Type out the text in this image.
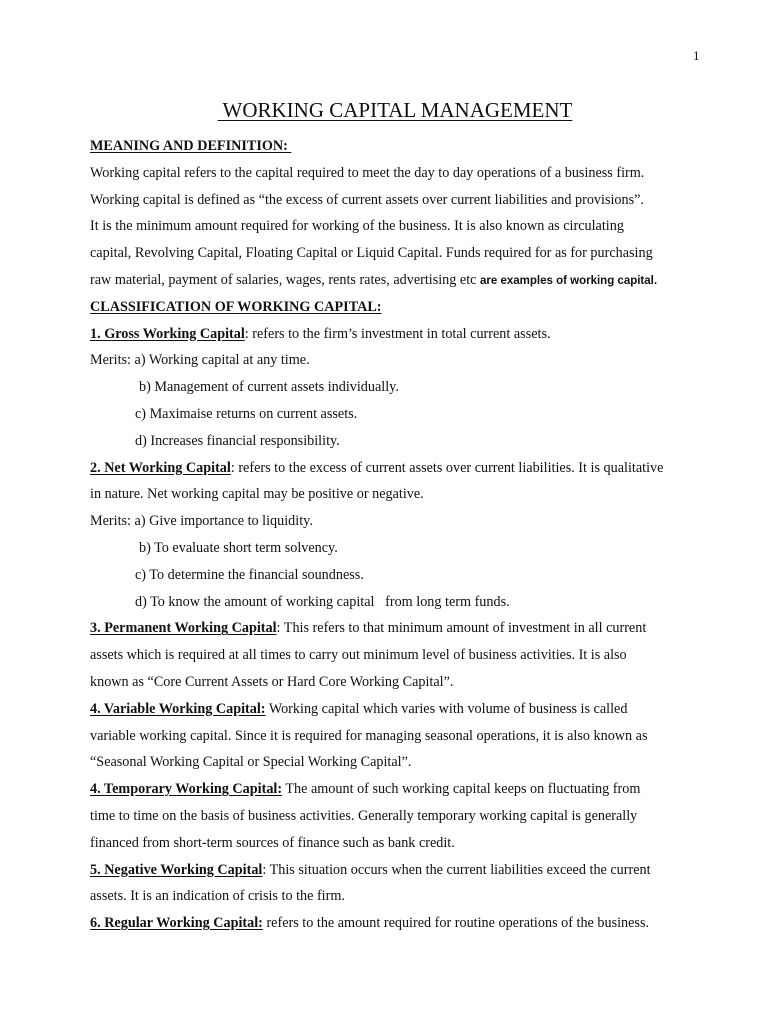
1
WORKING CAPITAL MANAGEMENT
MEANING AND DEFINITION:
Working capital refers to the capital required to meet the day to day operations of a business firm.
Working capital is defined as “the excess of current assets over current liabilities and provisions”.
It is the minimum amount required for working of the business. It is also known as circulating
capital, Revolving Capital, Floating Capital or Liquid Capital. Funds required for as for purchasing
raw material, payment of salaries, wages, rents rates, advertising etc are examples of working capital.
CLASSIFICATION OF WORKING CAPITAL:
1. Gross Working Capital: refers to the firm’s investment in total current assets.
Merits: a) Working capital at any time.
b) Management of current assets individually.
c) Maximaise returns on current assets.
d) Increases financial responsibility.
2. Net Working Capital: refers to the excess of current assets over current liabilities. It is qualitative
in nature. Net working capital may be positive or negative.
Merits: a) Give importance to liquidity.
b) To evaluate short term solvency.
c) To determine the financial soundness.
d) To know the amount of working capital   from long term funds.
3. Permanent Working Capital: This refers to that minimum amount of investment in all current
assets which is required at all times to carry out minimum level of business activities. It is also
known as “Core Current Assets or Hard Core Working Capital”.
4. Variable Working Capital: Working capital which varies with volume of business is called
variable working capital. Since it is required for managing seasonal operations, it is also known as
“Seasonal Working Capital or Special Working Capital”.
4. Temporary Working Capital: The amount of such working capital keeps on fluctuating from
time to time on the basis of business activities. Generally temporary working capital is generally
financed from short-term sources of finance such as bank credit.
5. Negative Working Capital: This situation occurs when the current liabilities exceed the current
assets. It is an indication of crisis to the firm.
6. Regular Working Capital: refers to the amount required for routine operations of the business.
